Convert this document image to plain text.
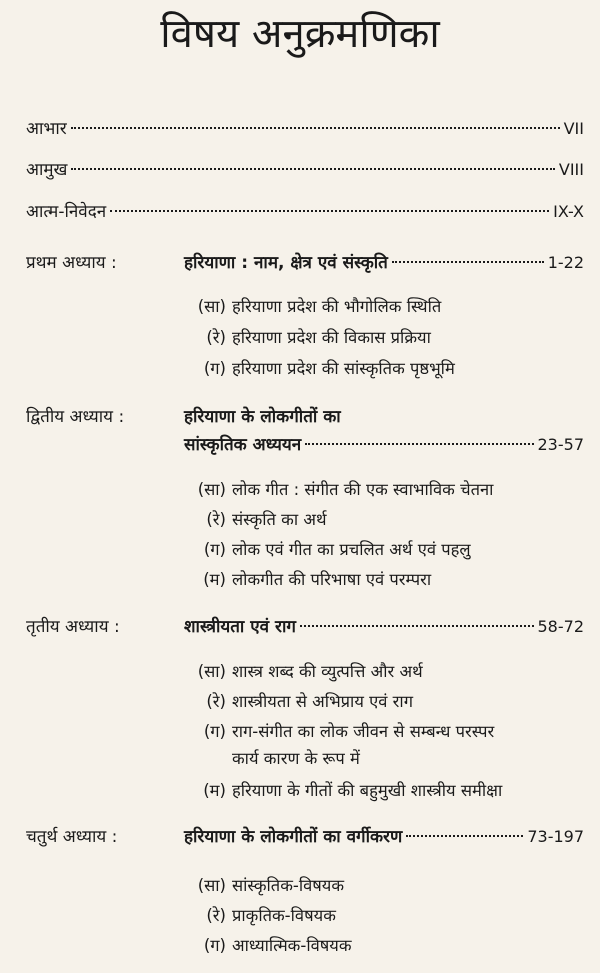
विषय अनुक्रमणिका
आभार	VII
आमुख	VIII
आत्म-निवेदन	IX-X
प्रथम अध्याय :	हरियाणा : नाम, क्षेत्र एवं संस्कृति	1-22
(सा) हरियाणा प्रदेश की भौगोलिक स्थिति
(रे) हरियाणा प्रदेश की विकास प्रक्रिया
(ग) हरियाणा प्रदेश की सांस्कृतिक पृष्ठभूमि
द्वितीय अध्याय :	हरियाणा के लोकगीतों का
सांस्कृतिक अध्ययन	23-57
(सा) लोक गीत : संगीत की एक स्वाभाविक चेतना
(रे) संस्कृति का अर्थ
(ग) लोक एवं गीत का प्रचलित अर्थ एवं पहलु
(म) लोकगीत की परिभाषा एवं परम्परा
तृतीय अध्याय :	शास्त्रीयता एवं राग	58-72
(सा) शास्त्र शब्द की व्युत्पत्ति और अर्थ
(रे) शास्त्रीयता से अभिप्राय एवं राग
(ग) राग-संगीत का लोक जीवन से सम्बन्ध परस्पर
कार्य कारण के रूप में
(म) हरियाणा के गीतों की बहुमुखी शास्त्रीय समीक्षा
चतुर्थ अध्याय :	हरियाणा के लोकगीतों का वर्गीकरण	73-197
(सा) सांस्कृतिक-विषयक
(रे) प्राकृतिक-विषयक
(ग) आध्यात्मिक-विषयक
